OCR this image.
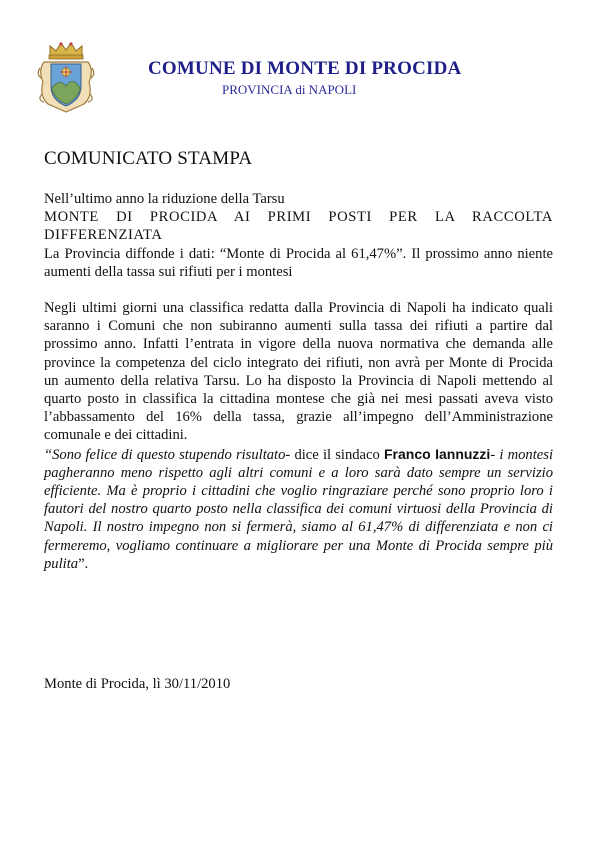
COMUNE DI MONTE DI PROCIDA
PROVINCIA di NAPOLI
COMUNICATO STAMPA

Nell’ultimo anno la riduzione della Tarsu

MONTE DI PROCIDA AI PRIMI POSTI PER LA RACCOLTA DIFFERENZIATA

La Provincia diffonde i dati: “Monte di Procida al 61,47%”. Il prossimo anno niente aumenti della tassa sui rifiuti per i montesi

Negli ultimi giorni una classifica redatta dalla Provincia di Napoli ha indicato quali saranno i Comuni che non subiranno aumenti sulla tassa dei rifiuti a partire dal prossimo anno. Infatti l’entrata in vigore della nuova normativa che demanda alle province la competenza del ciclo integrato dei rifiuti, non avrà per Monte di Procida un aumento della relativa Tarsu. Lo ha disposto la Provincia di Napoli mettendo al quarto posto in classifica la cittadina montese che già nei mesi passati aveva visto l’abbassamento del 16% della tassa, grazie all’impegno dell’Amministrazione comunale e dei cittadini.

“Sono felice di questo stupendo risultato- dice il sindaco Franco Iannuzzi- i montesi pagheranno meno rispetto agli altri comuni e a loro sarà dato sempre un servizio efficiente. Ma è proprio i cittadini che voglio ringraziare perché sono proprio loro i fautori del nostro quarto posto nella classifica dei comuni virtuosi della Provincia di Napoli. Il nostro impegno non si fermerà, siamo al 61,47% di differenziata e non ci fermeremo, vogliamo continuare a migliorare per una Monte di Procida sempre più pulita”.

Monte di Procida, lì 30/11/2010
